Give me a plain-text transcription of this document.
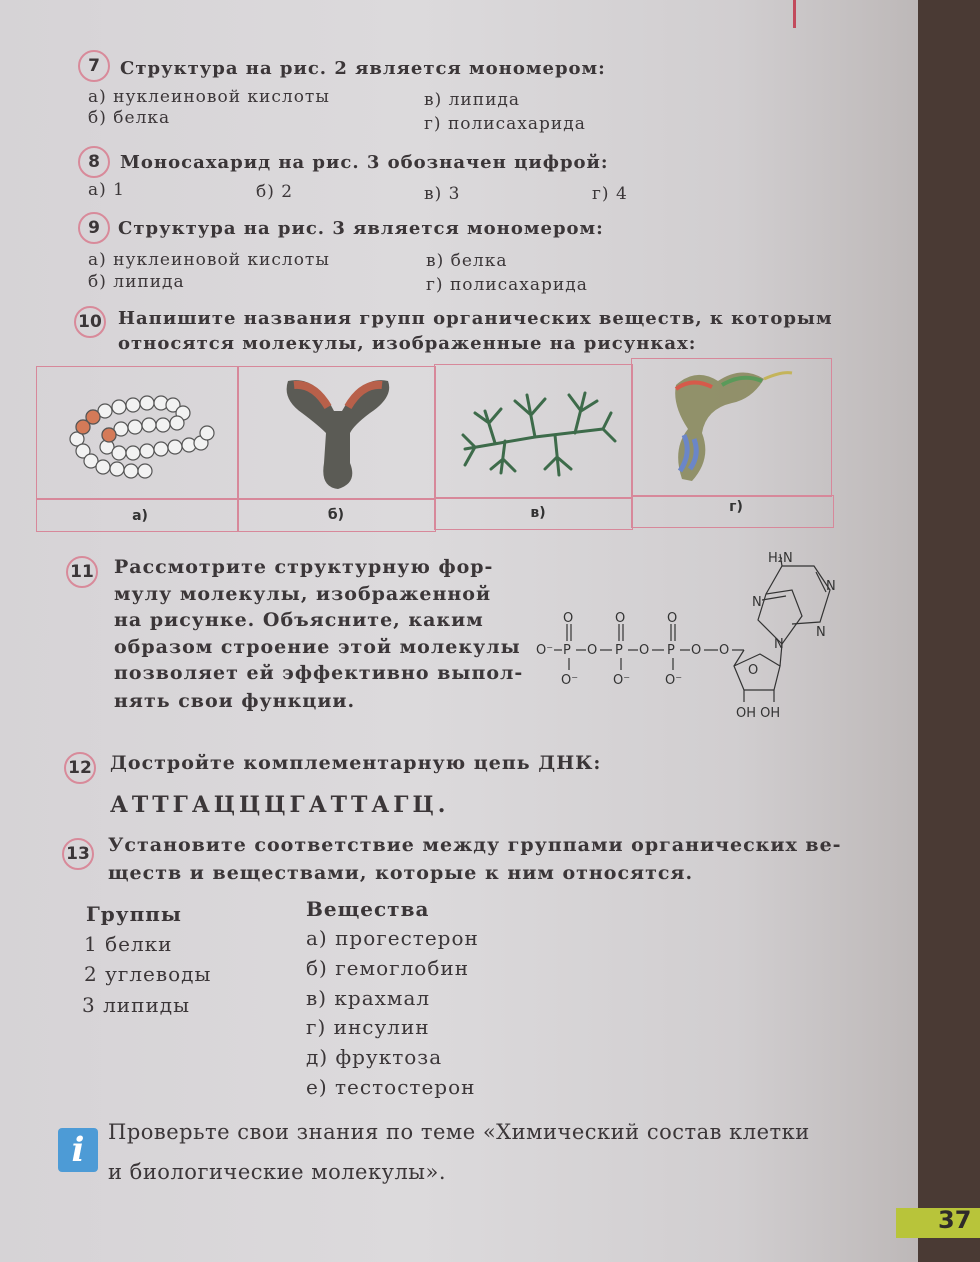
7	Структура на рис. 2 является мономером:
а) нуклеиновой кислоты
б) белка
в) липида
г) полисахарида
8	Моносахарид на рис. 3 обозначен цифрой:
а) 1	б) 2	в) 3	г) 4
9	Структура на рис. 3 является мономером:
а) нуклеиновой кислоты
б) липида
в) белка
г) полисахарида
10 Напишите названия групп органических веществ, к которым
относятся молекулы, изображенные на рисунках:
а)	б)	в)	г)
11 Рассмотрите структурную фор-
мулу молекулы, изображенной
на рисунке. Объясните, каким
образом строение этой молекулы
позволяет ей эффективно выпол-
нять свои функции.
H₂N
N
N
N
N
O	O	O
O⁻ P O P O P O O
O
O⁻	O⁻	O⁻
OH OH
12 Достройте комплементарную цепь ДНК:
АТТГАЦЦЦГАТТАГЦ.
13 Установите соответствие между группами органических ве-
ществ и веществами, которые к ним относятся.
Группы
1 белки
2 углеводы
3 липиды
Вещества
а) прогестерон
б) гемоглобин
в) крахмал
г) инсулин
д) фруктоза
е) тестостерон
i	Проверьте свои знания по теме «Химический состав клетки
и биологические молекулы».
37
